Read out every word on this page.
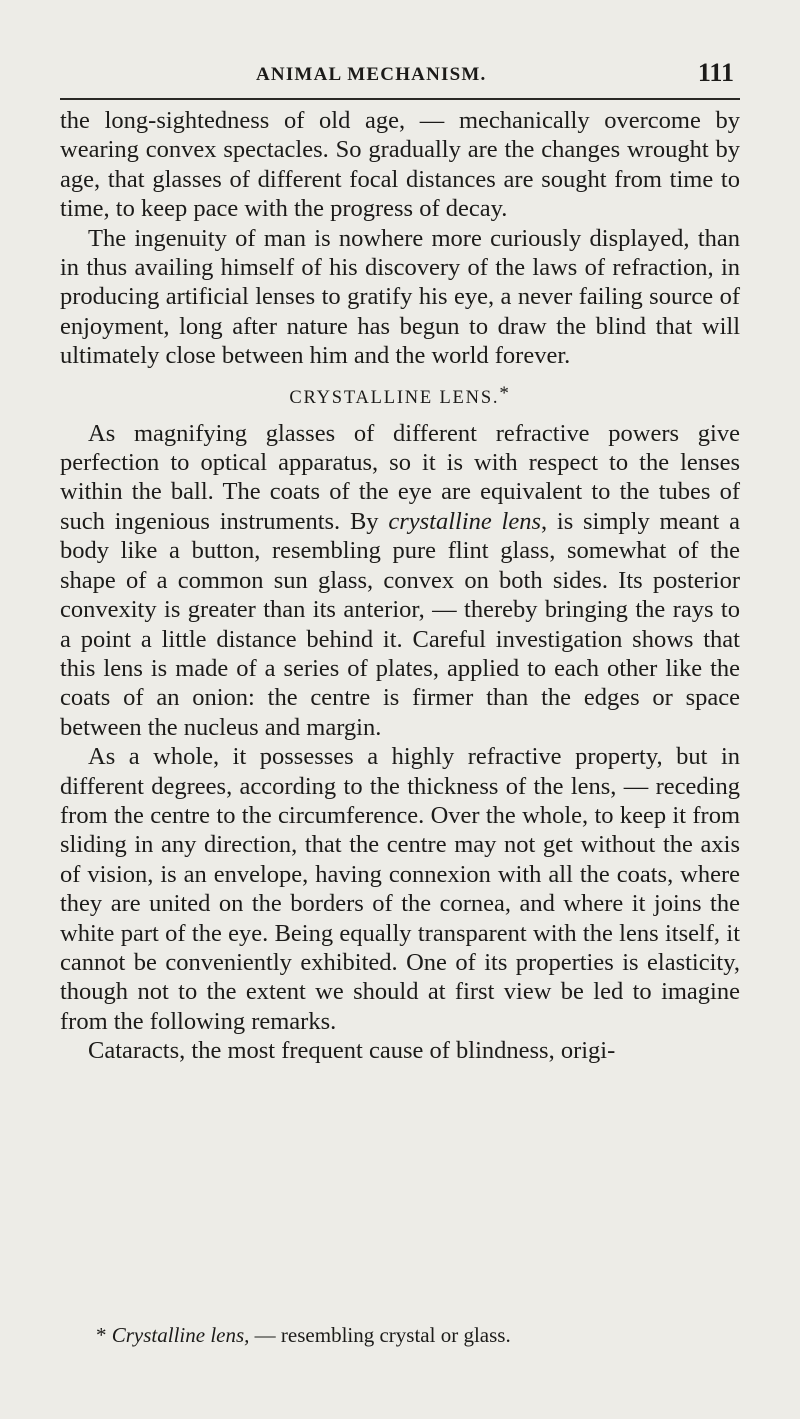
ANIMAL MECHANISM.	111

the long-sightedness of old age, — mechanically overcome by wearing convex spectacles. So gradually are the changes wrought by age, that glasses of different focal distances are sought from time to time, to keep pace with the progress of decay.

The ingenuity of man is nowhere more curiously displayed, than in thus availing himself of his discovery of the laws of refraction, in producing artificial lenses to gratify his eye, a never failing source of enjoyment, long after nature has begun to draw the blind that will ultimately close between him and the world forever.

CRYSTALLINE LENS.*

As magnifying glasses of different refractive powers give perfection to optical apparatus, so it is with respect to the lenses within the ball. The coats of the eye are equivalent to the tubes of such ingenious instruments. By crystalline lens, is simply meant a body like a button, resembling pure flint glass, somewhat of the shape of a common sun glass, convex on both sides. Its posterior convexity is greater than its anterior, — thereby bringing the rays to a point a little distance behind it. Careful investigation shows that this lens is made of a series of plates, applied to each other like the coats of an onion: the centre is firmer than the edges or space between the nucleus and margin.

As a whole, it possesses a highly refractive property, but in different degrees, according to the thickness of the lens, — receding from the centre to the circumference. Over the whole, to keep it from sliding in any direction, that the centre may not get without the axis of vision, is an envelope, having connexion with all the coats, where they are united on the borders of the cornea, and where it joins the white part of the eye. Being equally transparent with the lens itself, it cannot be conveniently exhibited. One of its properties is elasticity, though not to the extent we should at first view be led to imagine from the following remarks.

Cataracts, the most frequent cause of blindness, origi-

* Crystalline lens, — resembling crystal or glass.
